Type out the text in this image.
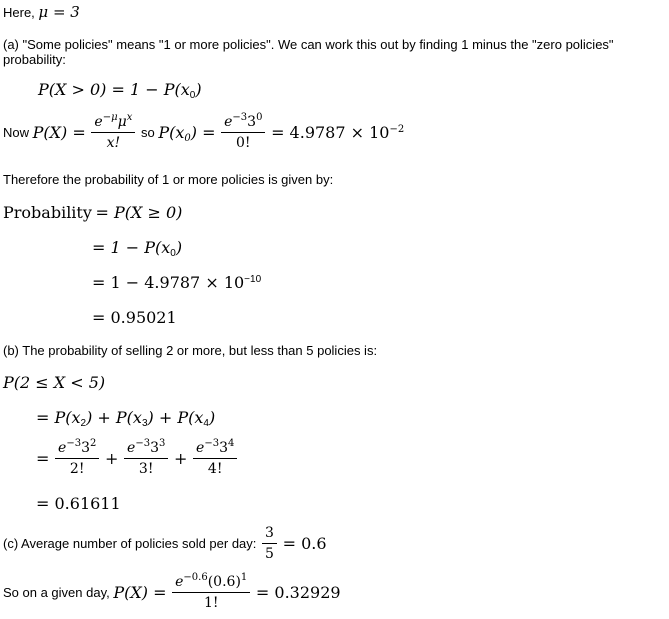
Here, μ = 3
(a) "Some policies" means "1 or more policies". We can work this out by finding 1 minus the "zero policies"
probability:
$P(X > 0) = 1 - P(x_0)$
Now $P(X) = \frac{e^{-\mu}\mu^x}{x!}$ so $P(x_0) = \frac{e^{-3}3^0}{0!} = 4.9787 \times 10^{-2}$
Therefore the probability of 1 or more policies is given by:
Probability = P(X ≥ 0)
= $1 - P(x_0)$
= $1 - 4.9787 \times 10^{-10}$
= 0.95021
(b) The probability of selling 2 or more, but less than 5 policies is:
P(2 ≤ X < 5)
= $P(x_2) + P(x_3) + P(x_4)$
= $\frac{e^{-3}3^2}{2!} + \frac{e^{-3}3^3}{3!} + \frac{e^{-3}3^4}{4!}$
= 0.61611
(c) Average number of policies sold per day: $\frac{3}{5} = 0.6$
So on a given day, $P(X) = \frac{e^{-0.6}(0.6)^1}{1!} = 0.32929$
